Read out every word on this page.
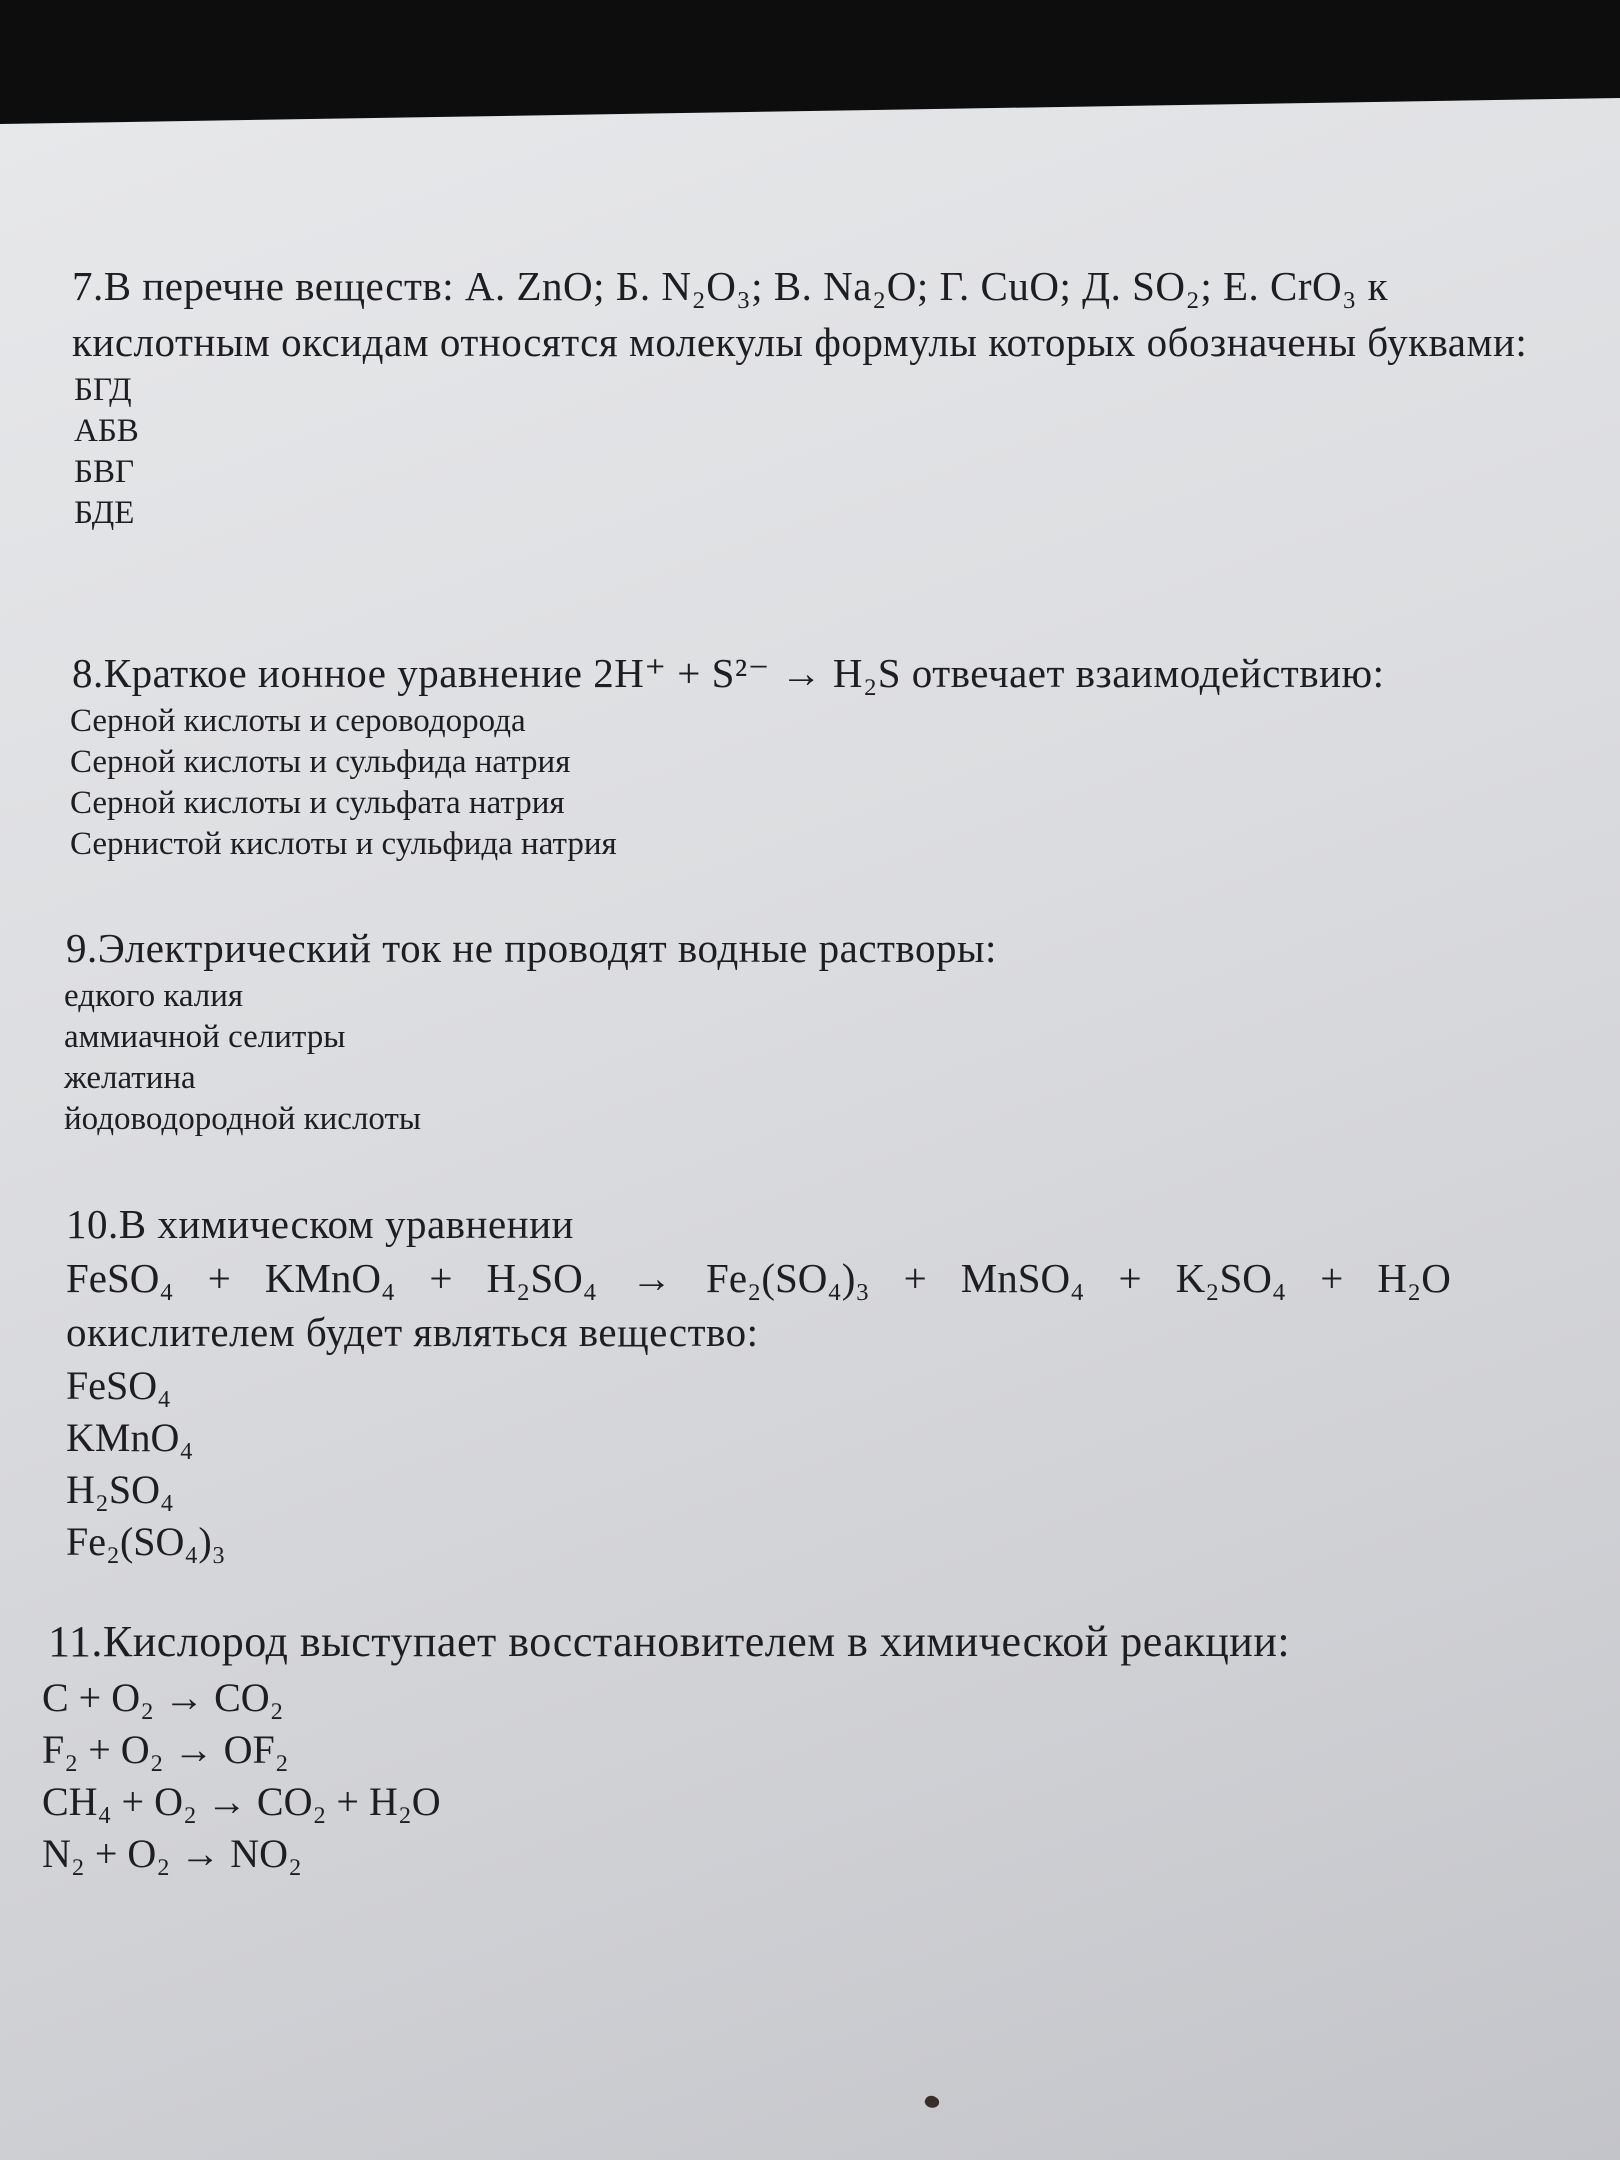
7.В перечне веществ: А. ZnO; Б. N₂O₃; В. Na₂O; Г. CuO; Д. SO₂; Е. CrO₃ к кислотным оксидам относятся молекулы формулы которых обозначены буквами:
БГД
АБВ
БВГ
БДЕ
8.Краткое ионное уравнение 2H⁺ + S²⁻ → H₂S отвечает взаимодействию:
Серной кислоты и сероводорода
Серной кислоты и сульфида натрия
Серной кислоты и сульфата натрия
Сернистой кислоты и сульфида натрия
9.Электрический ток не проводят водные растворы:
едкого калия
аммиачной селитры
желатина
йодоводородной кислоты
10.В химическом уравнении
FeSO₄ + KMnO₄ + H₂SO₄ → Fe₂(SO₄)₃ + MnSO₄ + K₂SO₄ + H₂O
окислителем будет являться вещество:
FeSO₄
KMnO₄
H₂SO₄
Fe₂(SO₄)₃
11.Кислород выступает восстановителем в химической реакции:
C + O₂ → CO₂
F₂ + O₂ → OF₂
CH₄ + O₂ → CO₂ + H₂O
N₂ + O₂ → NO₂
